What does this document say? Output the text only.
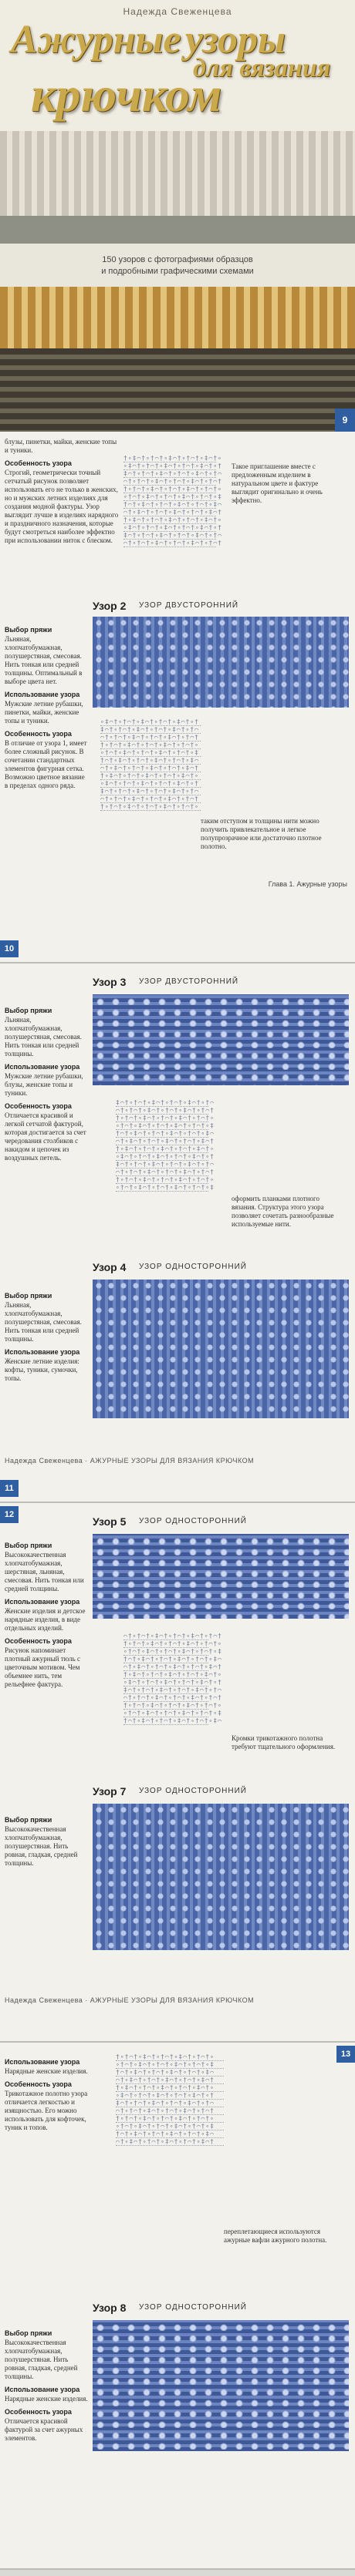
Надежда Свеженцева
Ажурные узоры
для вязания
крючком
150 узоров с фотографиями образцов
и подробными графическими схемами
9

блузы, пинетки, майки, женские топы и туники.

Особенность узора

Строгий, геометрически точный сетчатый рисунок позволяет использовать его не только в женских, но и мужских летних изделиях для создания модной фактуры. Узор выглядит лучше в изделиях нарядного и праздничного назначения, которые будут смотреться наиболее эффектно при использовании ниток с блеском.

†∘‡⌒†∘†⌒†∘‡⌒†∘†⌒†∘‡⌒†∘
∘‡⌒†∘†⌒†∘‡⌒†∘†⌒†∘‡⌒†∘†
‡⌒†∘†⌒†∘‡⌒†∘†⌒†∘‡⌒†∘†⌒
⌒†∘†⌒†∘‡⌒†∘†⌒†∘‡⌒†∘†⌒†
†∘†⌒†∘‡⌒†∘†⌒†∘‡⌒†∘†⌒†∘
∘†⌒†∘‡⌒†∘†⌒†∘‡⌒†∘†⌒†∘‡
†⌒†∘‡⌒†∘†⌒†∘‡⌒†∘†⌒†∘‡⌒
⌒†∘‡⌒†∘†⌒†∘‡⌒†∘†⌒†∘‡⌒†
†∘‡⌒†∘†⌒†∘‡⌒†∘†⌒†∘‡⌒†∘
∘‡⌒†∘†⌒†∘‡⌒†∘†⌒†∘‡⌒†∘†
‡⌒†∘†⌒†∘‡⌒†∘†⌒†∘‡⌒†∘†⌒
⌒†∘†⌒†∘‡⌒†∘†⌒†∘‡⌒†∘†⌒†

Такое приглашение вместе с предложенным изделием в натуральном цвете и фактуре выглядит оригинально и очень эффектно.

Узор 2 УЗОР ДВУСТОРОННИЙ
Выбор пряжи

Льняная, хлопчатобумажная, полушерстяная, смесовая. Нить тонкая или средней толщины. Оптимальный в выборе цвета нет.

Использование узора

Мужские летние рубашки, пинетки, майки, женские топы и туники.

Особенность узора

В отличие от узора 1, имеет более сложный рисунок. В сочетании стандартных элементов фигурная сетка. Возможно цветное вязание в пределах одного ряда.

∘‡⌒†∘†⌒†∘‡⌒†∘†⌒†∘‡⌒†∘†
‡⌒†∘†⌒†∘‡⌒†∘†⌒†∘‡⌒†∘†⌒
⌒†∘†⌒†∘‡⌒†∘†⌒†∘‡⌒†∘†⌒†
†∘†⌒†∘‡⌒†∘†⌒†∘‡⌒†∘†⌒†∘
∘†⌒†∘‡⌒†∘†⌒†∘‡⌒†∘†⌒†∘‡
†⌒†∘‡⌒†∘†⌒†∘‡⌒†∘†⌒†∘‡⌒
⌒†∘‡⌒†∘†⌒†∘‡⌒†∘†⌒†∘‡⌒†
†∘‡⌒†∘†⌒†∘‡⌒†∘†⌒†∘‡⌒†∘
∘‡⌒†∘†⌒†∘‡⌒†∘†⌒†∘‡⌒†∘†
‡⌒†∘†⌒†∘‡⌒†∘†⌒†∘‡⌒†∘†⌒
⌒†∘†⌒†∘‡⌒†∘†⌒†∘‡⌒†∘†⌒†
†∘†⌒†∘‡⌒†∘†⌒†∘‡⌒†∘†⌒†∘

таким отступом и толщины нити можно получить привлекательное и легкое полупрозрачное или достаточно плотное полотно.

Глава 1. Ажурные узоры
10
Узор 3 УЗОР ДВУСТОРОННИЙ
Выбор пряжи

Льняная, хлопчатобумажная, полушерстяная, смесовая. Нить тонкая или средней толщины.

Использование узора

Мужские летние рубашки, блузы, женские топы и туники.

Особенность узора

Отличается красивой и легкой сетчатой фактурой, которая достигается за счет чередования столбиков с накидом и цепочек из воздушных петель.

‡⌒†∘†⌒†∘‡⌒†∘†⌒†∘‡⌒†∘†⌒
⌒†∘†⌒†∘‡⌒†∘†⌒†∘‡⌒†∘†⌒†
†∘†⌒†∘‡⌒†∘†⌒†∘‡⌒†∘†⌒†∘
∘†⌒†∘‡⌒†∘†⌒†∘‡⌒†∘†⌒†∘‡
†⌒†∘‡⌒†∘†⌒†∘‡⌒†∘†⌒†∘‡⌒
⌒†∘‡⌒†∘†⌒†∘‡⌒†∘†⌒†∘‡⌒†
†∘‡⌒†∘†⌒†∘‡⌒†∘†⌒†∘‡⌒†∘
∘‡⌒†∘†⌒†∘‡⌒†∘†⌒†∘‡⌒†∘†
‡⌒†∘†⌒†∘‡⌒†∘†⌒†∘‡⌒†∘†⌒
⌒†∘†⌒†∘‡⌒†∘†⌒†∘‡⌒†∘†⌒†
†∘†⌒†∘‡⌒†∘†⌒†∘‡⌒†∘†⌒†∘
∘†⌒†∘‡⌒†∘†⌒†∘‡⌒†∘†⌒†∘‡

оформить планками плотного вязания. Структура этого узора позволяет сочетать разнообразные используемые нити.

Узор 4 УЗОР ОДНОСТОРОННИЙ
Выбор пряжи

Льняная, хлопчатобумажная, полушерстяная, смесовая. Нить тонкая или средней толщины.

Использование узора

Женские летние изделия: кофты, туники, сумочки, топы.

Надежда Свеженцева · АЖУРНЫЕ УЗОРЫ ДЛЯ ВЯЗАНИЯ КРЮЧКОМ
11
Узор 5 УЗОР ОДНОСТОРОННИЙ
Выбор пряжи

Высококачественная хлопчатобумажная, шерстяная, льняная, смесовая. Нить тонкая или средней толщины.

Использование узора

Женские изделия и детское нарядные изделия, в виде отдельных изделий.

Особенность узора

Рисунок напоминает плотный ажурный тюль с цветочным мотивом. Чем объемнее нить, тем рельефнее фактура.

⌒†∘†⌒†∘‡⌒†∘†⌒†∘‡⌒†∘†⌒†
†∘†⌒†∘‡⌒†∘†⌒†∘‡⌒†∘†⌒†∘
∘†⌒†∘‡⌒†∘†⌒†∘‡⌒†∘†⌒†∘‡
†⌒†∘‡⌒†∘†⌒†∘‡⌒†∘†⌒†∘‡⌒
⌒†∘‡⌒†∘†⌒†∘‡⌒†∘†⌒†∘‡⌒†
†∘‡⌒†∘†⌒†∘‡⌒†∘†⌒†∘‡⌒†∘
∘‡⌒†∘†⌒†∘‡⌒†∘†⌒†∘‡⌒†∘†
‡⌒†∘†⌒†∘‡⌒†∘†⌒†∘‡⌒†∘†⌒
⌒†∘†⌒†∘‡⌒†∘†⌒†∘‡⌒†∘†⌒†
†∘†⌒†∘‡⌒†∘†⌒†∘‡⌒†∘†⌒†∘
∘†⌒†∘‡⌒†∘†⌒†∘‡⌒†∘†⌒†∘‡
†⌒†∘‡⌒†∘†⌒†∘‡⌒†∘†⌒†∘‡⌒

Кромки трикотажного полотна требуют тщательного оформления.

Узор 7 УЗОР ОДНОСТОРОННИЙ
Выбор пряжи

Высококачественная хлопчатобумажная, полушерстяная. Нить ровная, гладкая, средней толщины.

Надежда Свеженцева · АЖУРНЫЕ УЗОРЫ ДЛЯ ВЯЗАНИЯ КРЮЧКОМ
12
Использование узора

Нарядные женские изделия.

Особенность узора

Трикотажное полотно узора отличается легкостью и изящностью. Его можно использовать для кофточек, туник и топов.

†∘†⌒†∘‡⌒†∘†⌒†∘‡⌒†∘†⌒†∘
∘†⌒†∘‡⌒†∘†⌒†∘‡⌒†∘†⌒†∘‡
†⌒†∘‡⌒†∘†⌒†∘‡⌒†∘†⌒†∘‡⌒
⌒†∘‡⌒†∘†⌒†∘‡⌒†∘†⌒†∘‡⌒†
†∘‡⌒†∘†⌒†∘‡⌒†∘†⌒†∘‡⌒†∘
∘‡⌒†∘†⌒†∘‡⌒†∘†⌒†∘‡⌒†∘†
‡⌒†∘†⌒†∘‡⌒†∘†⌒†∘‡⌒†∘†⌒
⌒†∘†⌒†∘‡⌒†∘†⌒†∘‡⌒†∘†⌒†
†∘†⌒†∘‡⌒†∘†⌒†∘‡⌒†∘†⌒†∘
∘†⌒†∘‡⌒†∘†⌒†∘‡⌒†∘†⌒†∘‡
†⌒†∘‡⌒†∘†⌒†∘‡⌒†∘†⌒†∘‡⌒
⌒†∘‡⌒†∘†⌒†∘‡⌒†∘†⌒†∘‡⌒†

переплетающиеся используются ажурные вафли ажурного полотна.

Узор 8 УЗОР ОДНОСТОРОННИЙ
Выбор пряжи

Высококачественная хлопчатобумажная, полушерстяная. Нить ровная, гладкая, средней толщины.

Использование узора

Нарядные женские изделия.

Особенность узора

Отличается красивой фактурой за счет ажурных элементов.

13
